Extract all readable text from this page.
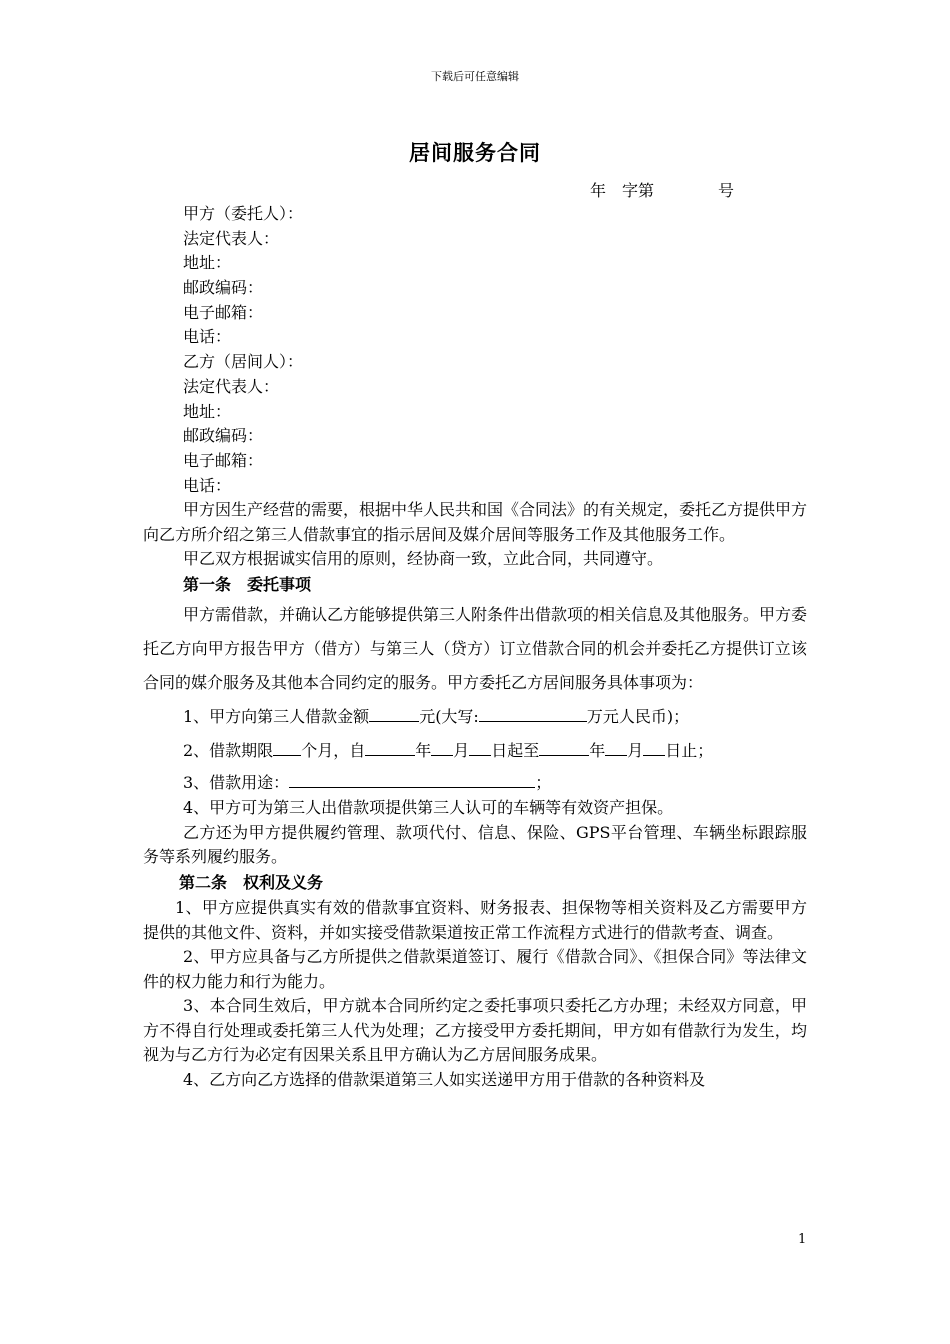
下载后可任意编辑
居间服务合同
年　字第　　　　号
甲方（委托人）：
法定代表人：
地址：
邮政编码：
电子邮箱：
电话：
乙方（居间人）：
法定代表人：
地址：
邮政编码：
电子邮箱：
电话：

甲方因生产经营的需要，根据中华人民共和国《合同法》的有关规定，委托乙方提供甲方向乙方所介绍之第三人借款事宜的指示居间及媒介居间等服务工作及其他服务工作。

甲乙双方根据诚实信用的原则，经协商一致，立此合同，共同遵守。

第一条　委托事项

甲方需借款，并确认乙方能够提供第三人附条件出借款项的相关信息及其他服务。甲方委托乙方向甲方报告甲方（借方）与第三人（贷方）订立借款合同的机会并委托乙方提供订立该合同的媒介服务及其他本合同约定的服务。甲方委托乙方居间服务具体事项为：

1、甲方向第三人借款金额	元(大写:	万元人民币)；
2、借款期限 个月，自	年 月 日起至	年 月 日止；
3、借款用途：	；
4、甲方可为第三人出借款项提供第三人认可的车辆等有效资产担保。

乙方还为甲方提供履约管理、款项代付、信息、保险、GPS平台管理、车辆坐标跟踪服务等系列履约服务。

第二条　权利及义务

1、甲方应提供真实有效的借款事宜资料、财务报表、担保物等相关资料及乙方需要甲方提供的其他文件、资料，并如实接受借款渠道按正常工作流程方式进行的借款考查、调查。

2、甲方应具备与乙方所提供之借款渠道签订、履行《借款合同》、《担保合同》等法律文件的权力能力和行为能力。

3、本合同生效后，甲方就本合同所约定之委托事项只委托乙方办理；未经双方同意，甲方不得自行处理或委托第三人代为处理；乙方接受甲方委托期间，甲方如有借款行为发生，均视为与乙方行为必定有因果关系且甲方确认为乙方居间服务成果。

4、乙方向乙方选择的借款渠道第三人如实送递甲方用于借款的各种资料及

1
